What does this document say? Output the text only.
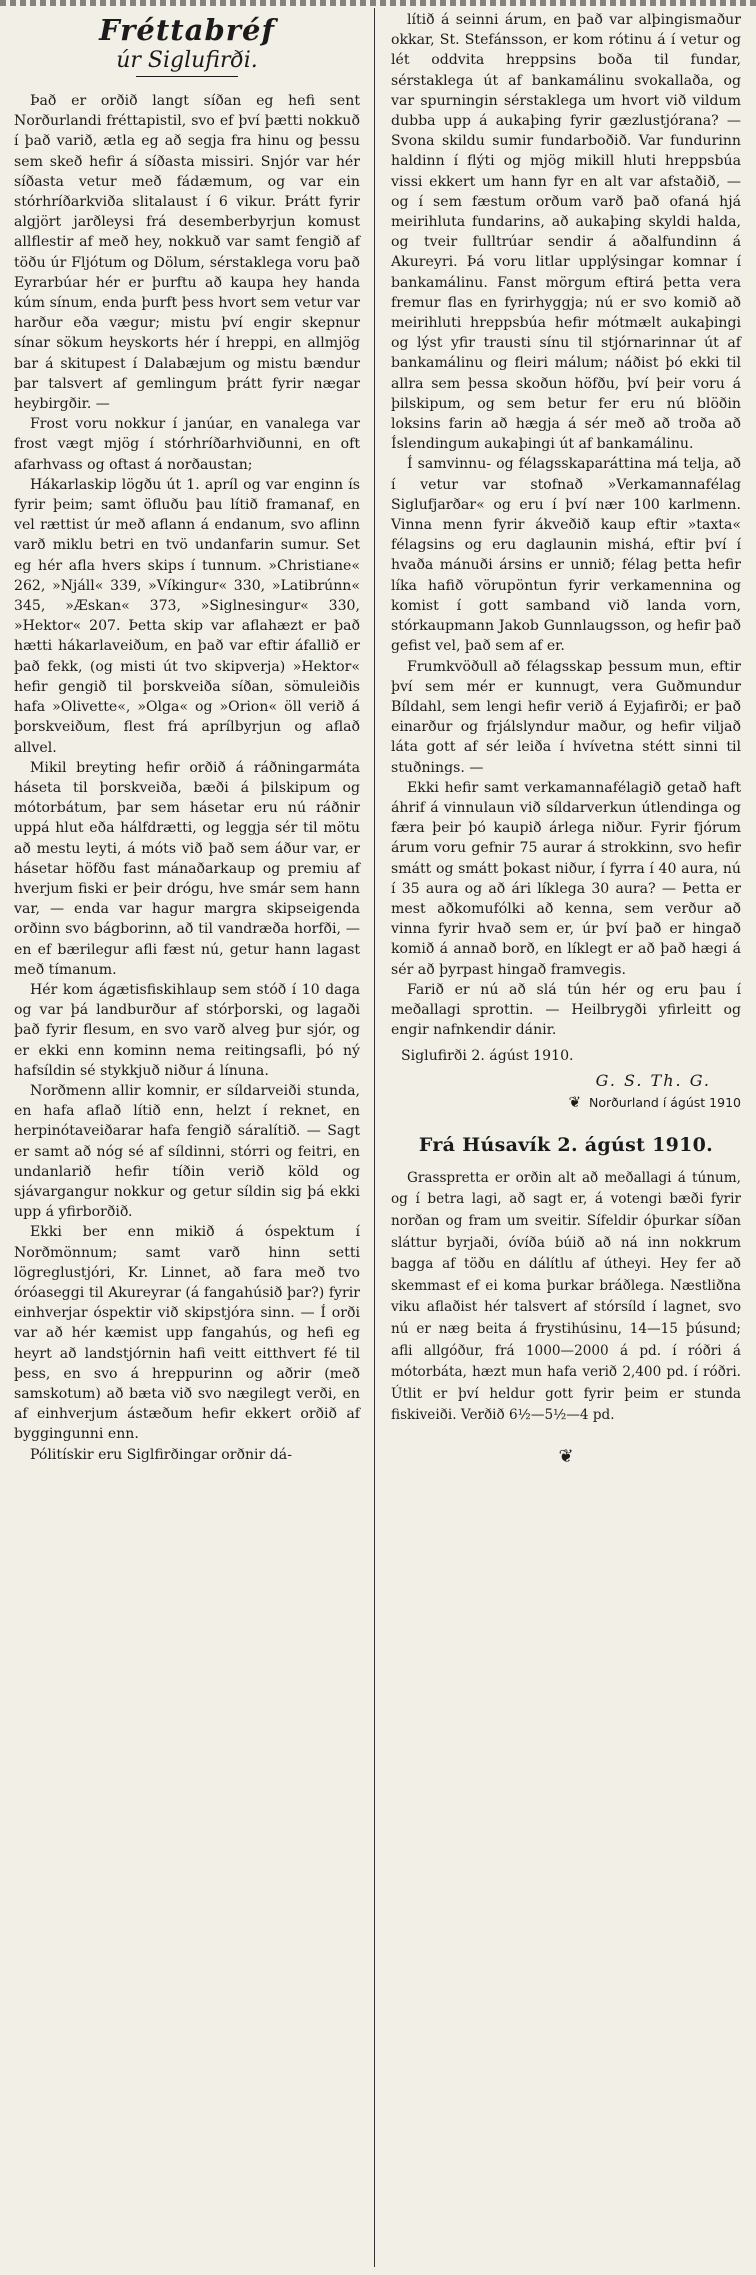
Fréttabréf
úr Siglufirði.

Það er orðið langt síðan eg hefi sent Norðurlandi fréttapistil, svo ef því þætti nokkuð í það varið, ætla eg að segja fra hinu og þessu sem skeð hefir á síðasta missiri. Snjór var hér síðasta vetur með fádæmum, og var ein stórhríðarkviða slitalaust í 6 vikur. Þrátt fyrir algjört jarðleysi frá desemberbyrjun komust allflestir af með hey, nokkuð var samt fengið af töðu úr Fljótum og Dölum, sérstaklega voru það Eyrarbúar hér er þurftu að kaupa hey handa kúm sínum, enda þurft þess hvort sem vetur var harður eða vægur; mistu því engir skepnur sínar sökum heyskorts hér í hreppi, en allmjög bar á skitupest í Dalabæjum og mistu bændur þar talsvert af gemlingum þrátt fyrir nægar heybirgðir. —

Frost voru nokkur í janúar, en vanalega var frost vægt mjög í stórhríðarhviðunni, en oft afarhvass og oftast á norðaustan;

Hákarlaskip lögðu út 1. apríl og var enginn ís fyrir þeim; samt öfluðu þau lítið framanaf, en vel rættist úr með aflann á endanum, svo aflinn varð miklu betri en tvö undanfarin sumur. Set eg hér afla hvers skips í tunnum. »Christiane« 262, »Njáll« 339, »Víkingur« 330, »Latibrúnn« 345, »Æskan« 373, »Siglnesingur« 330, »Hektor« 207. Þetta skip var aflahæzt er það hætti hákarlaveiðum, en það var eftir áfallið er það fekk, (og misti út tvo skipverja) »Hektor« hefir gengið til þorskveiða síðan, sömuleiðis hafa »Olivette«, »Olga« og »Orion« öll verið á þorskveiðum, flest frá aprílbyrjun og aflað allvel.

Mikil breyting hefir orðið á ráðningarmáta háseta til þorskveiða, bæði á þilskipum og mótorbátum, þar sem hásetar eru nú ráðnir uppá hlut eða hálfdrætti, og leggja sér til mötu að mestu leyti, á móts við það sem áður var, er hásetar höfðu fast mánaðarkaup og premiu af hverjum fiski er þeir drógu, hve smár sem hann var, — enda var hagur margra skipseigenda orðinn svo bágborinn, að til vandræða horfði, — en ef bærilegur afli fæst nú, getur hann lagast með tímanum.

Hér kom ágætisfiskihlaup sem stóð í 10 daga og var þá landburður af stórþorski, og lagaði það fyrir flesum, en svo varð alveg þur sjór, og er ekki enn kominn nema reitingsafli, þó ný hafsíldin sé stykkjuð niður á línuna.

Norðmenn allir komnir, er síldarveiði stunda, en hafa aflað lítið enn, helzt í reknet, en herpinótaveiðarar hafa fengið sáralítið. — Sagt er samt að nóg sé af síldinni, stórri og feitri, en undanlarið hefir tíðin verið köld og sjávargangur nokkur og getur síldin sig þá ekki upp á yfirborðið.

Ekki ber enn mikið á óspektum í Norðmönnum; samt varð hinn setti lögreglustjóri, Kr. Linnet, að fara með tvo óróaseggi til Akureyrar (á fangahúsið þar?) fyrir einhverjar óspektir við skipstjóra sinn. — Í orði var að hér kæmist upp fangahús, og hefi eg heyrt að landstjórnin hafi veitt eitthvert fé til þess, en svo á hreppurinn og aðrir (með samskotum) að bæta við svo nægilegt verði, en af einhverjum ástæðum hefir ekkert orðið af byggingunni enn.

Pólitískir eru Siglfirðingar orðnir dá-

lítið á seinni árum, en það var alþingismaður okkar, St. Stefánsson, er kom rótinu á í vetur og lét oddvita hreppsins boða til fundar, sérstaklega út af bankamálinu svokallaða, og var spurningin sérstaklega um hvort við vildum dubba upp á aukaþing fyrir gæzlustjórana? — Svona skildu sumir fundarboðið. Var fundurinn haldinn í flýti og mjög mikill hluti hreppsbúa vissi ekkert um hann fyr en alt var afstaðið, — og í sem fæstum orðum varð það ofaná hjá meirihluta fundarins, að aukaþing skyldi halda, og tveir fulltrúar sendir á aðalfundinn á Akureyri. Þá voru litlar upplýsingar komnar í bankamálinu. Fanst mörgum eftirá þetta vera fremur flas en fyrirhyggja; nú er svo komið að meirihluti hreppsbúa hefir mótmælt aukaþingi og lýst yfir trausti sínu til stjórnarinnar út af bankamálinu og fleiri málum; náðist þó ekki til allra sem þessa skoðun höfðu, því þeir voru á þilskipum, og sem betur fer eru nú blöðin loksins farin að hægja á sér með að troða að Íslendingum aukaþingi út af bankamálinu.

Í samvinnu- og félagsskaparáttina má telja, að í vetur var stofnað »Verkamannafélag Siglufjarðar« og eru í því nær 100 karlmenn. Vinna menn fyrir ákveðið kaup eftir »taxta« félagsins og eru daglaunin mishá, eftir því í hvaða mánuði ársins er unnið; félag þetta hefir líka hafið vörupöntun fyrir verkamennina og komist í gott samband við landa vorn, stórkaupmann Jakob Gunnlaugsson, og hefir það gefist vel, það sem af er.

Frumkvöðull að félagsskap þessum mun, eftir því sem mér er kunnugt, vera Guðmundur Bíldahl, sem lengi hefir verið á Eyjafirði; er það einarður og frjálslyndur maður, og hefir viljað láta gott af sér leiða í hvívetna stétt sinni til stuðnings. —

Ekki hefir samt verkamannafélagið getað haft áhrif á vinnulaun við síldarverkun útlendinga og færa þeir þó kaupið árlega niður. Fyrir fjórum árum voru gefnir 75 aurar á strokkinn, svo hefir smátt og smátt þokast niður, í fyrra í 40 aura, nú í 35 aura og að ári líklega 30 aura? — Þetta er mest aðkomufólki að kenna, sem verður að vinna fyrir hvað sem er, úr því það er hingað komið á annað borð, en líklegt er að það hægi á sér að þyrpast hingað framvegis.

Farið er nú að slá tún hér og eru þau í meðallagi sprottin. — Heilbrygði yfirleitt og engir nafnkendir dánir.

Siglufirði 2. ágúst 1910.

G. S. Th. G.
❦ Norðurland í ágúst 1910
Frá Húsavík 2. ágúst 1910.

Grasspretta er orðin alt að meðallagi á túnum, og í betra lagi, að sagt er, á votengi bæði fyrir norðan og fram um sveitir. Sífeldir óþurkar síðan sláttur byrjaði, óvíða búið að ná inn nokkrum bagga af töðu en dálítlu af útheyi. Hey fer að skemmast ef ei koma þurkar bráðlega. Næstliðna viku aflaðist hér talsvert af stórsíld í lagnet, svo nú er næg beita á frystihúsinu, 14—15 þúsund; afli allgóður, frá 1000—2000 á pd. í róðri á mótorbáta, hæzt mun hafa verið 2,400 pd. í róðri. Útlit er því heldur gott fyrir þeim er stunda fiskiveiði. Verðið 6½—5½—4 pd.

❦
